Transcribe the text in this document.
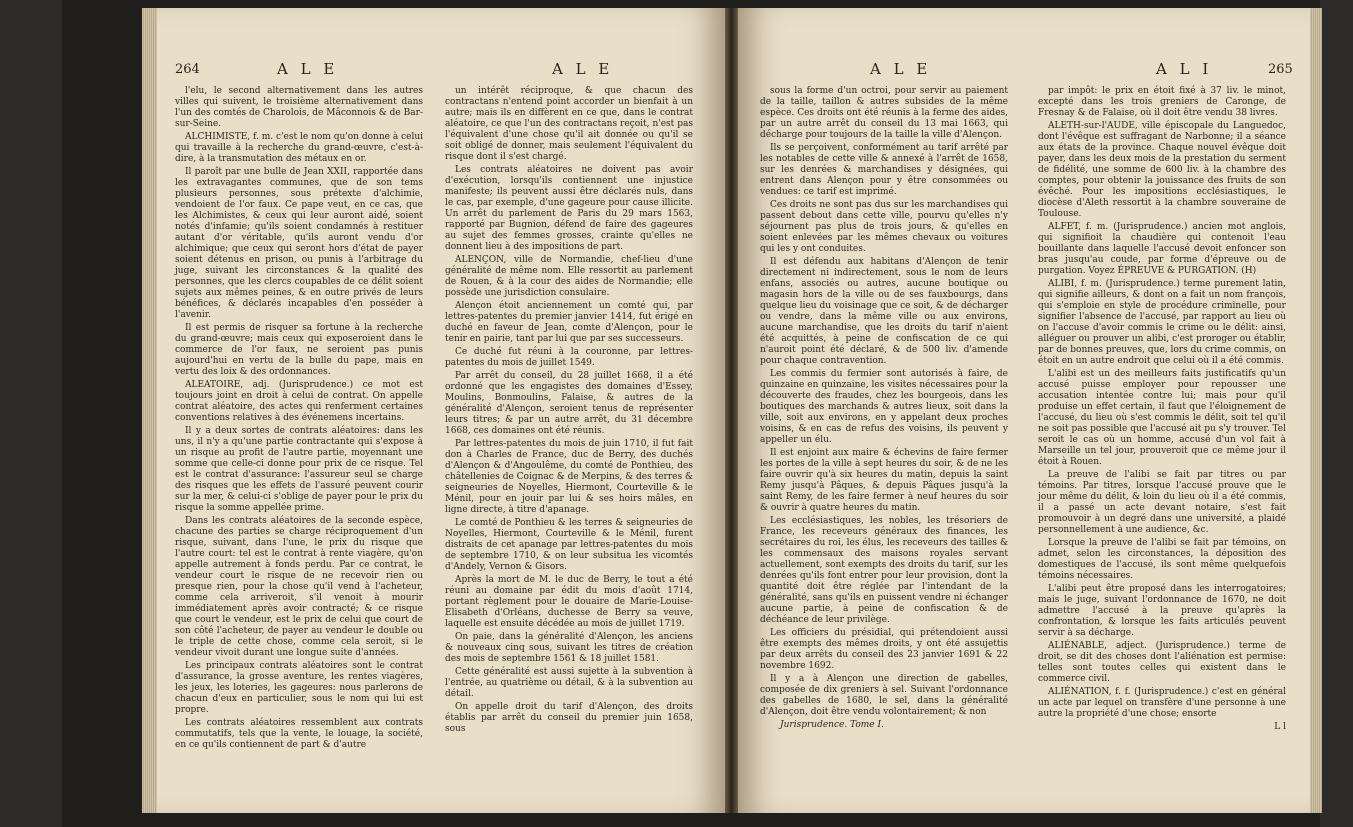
264	A L E	A L E

l'elu, le second alternativement dans les autres villes qui suivent, le troisième alternativement dans l'un des comtés de Charolois, de Mâconnois & de Bar-sur-Seine.

ALCHIMISTE, f. m. c'est le nom qu'on donne à celui qui travaille à la recherche du grand-œuvre, c'est-à-dire, à la transmutation des métaux en or.

Il paroît par une bulle de Jean XXII, rapportée dans les extravagantes communes, que de son tems plusieurs personnes, sous prétexte d'alchimie, vendoient de l'or faux. Ce pape veut, en ce cas, que les Alchimistes, & ceux qui leur auront aidé, soient notés d'infamie; qu'ils soient condamnés à restituer autant d'or véritable, qu'ils auront vendu d'or alchimique; que ceux qui seront hors d'état de payer soient détenus en prison, ou punis à l'arbitrage du juge, suivant les circonstances & la qualité des personnes, que les clercs coupables de ce délit soient sujets aux mêmes peines, & en outre privés de leurs bénéfices, & déclarés incapables d'en posséder à l'avenir.

Il est permis de risquer sa fortune à la recherche du grand-œuvre; mais ceux qui exposeroient dans le commerce de l'or faux, ne seroient pas punis aujourd'hui en vertu de la bulle du pape, mais en vertu des loix & des ordonnances.

ALEATOIRE, adj. (Jurisprudence.) ce mot est toujours joint en droit à celui de contrat. On appelle contrat aléatoire, des actes qui renferment certaines conventions relatives à des événemens incertains.

Il y a deux sortes de contrats aléatoires: dans les uns, il n'y a qu'une partie contractante qui s'expose à un risque au profit de l'autre partie, moyennant une somme que celle-ci donne pour prix de ce risque. Tel est le contrat d'assurance: l'assureur seul se charge des risques que les effets de l'assuré peuvent courir sur la mer, & celui-ci s'oblige de payer pour le prix du risque la somme appellée prime.

Dans les contrats aléatoires de la seconde espèce, chacune des parties se charge réciproquement d'un risque, suivant, dans l'une, le prix du risque que l'autre court: tel est le contrat à rente viagère, qu'on appelle autrement à fonds perdu. Par ce contrat, le vendeur court le risque de ne recevoir rien ou presque rien, pour la chose qu'il vend à l'acheteur, comme cela arriveroit, s'il venoit à mourir immédiatement après avoir contracté; & ce risque que court le vendeur, est le prix de celui que court de son côté l'acheteur, de payer au vendeur le double ou le triple de cette chose, comme cela seroit, si le vendeur vivoit durant une longue suite d'années.

Les principaux contrats aléatoires sont le contrat d'assurance, la grosse aventure, les rentes viagères, les jeux, les loteries, les gageures: nous parlerons de chacun d'eux en particulier, sous le nom qui lui est propre.

Les contrats aléatoires ressemblent aux contrats commutatifs, tels que la vente, le louage, la société, en ce qu'ils contiennent de part & d'autre

un intérêt réciproque, & que chacun des contractans n'entend point accorder un bienfait à un autre; mais ils en diffèrent en ce que, dans le contrat aléatoire, ce que l'un des contractans reçoit, n'est pas l'équivalent d'une chose qu'il ait donnée ou qu'il se soit obligé de donner, mais seulement l'équivalent du risque dont il s'est chargé.

Les contrats aléatoires ne doivent pas avoir d'exécution, lorsqu'ils contiennent une injustice manifeste; ils peuvent aussi être déclarés nuls, dans le cas, par exemple, d'une gageure pour cause illicite. Un arrêt du parlement de Paris du 29 mars 1563, rapporté par Bugnion, défend de faire des gageures au sujet des femmes grosses, crainte qu'elles ne donnent lieu à des impositions de part.

ALENÇON, ville de Normandie, chef-lieu d'une généralité de même nom. Elle ressortit au parlement de Rouen, & à la cour des aides de Normandie; elle possède une jurisdiction consulaire.

Alençon étoit anciennement un comté qui, par lettres-patentes du premier janvier 1414, fut érigé en duché en faveur de Jean, comte d'Alençon, pour le tenir en pairie, tant par lui que par ses successeurs.

Ce duché fut réuni à la couronne, par lettres-patentes du mois de juillet 1549.

Par arrêt du conseil, du 28 juillet 1668, il a été ordonné que les engagistes des domaines d'Essey, Moulins, Bonmoulins, Falaise, & autres de la généralité d'Alençon, seroient tenus de représenter leurs titres; & par un autre arrêt, du 31 décembre 1668, ces domaines ont été réunis.

Par lettres-patentes du mois de juin 1710, il fut fait don à Charles de France, duc de Berry, des duchés d'Alençon & d'Angoulême, du comté de Ponthieu, des châtellenies de Coignac & de Merpins, & des terres & seigneuries de Noyelles, Hiermont, Courteville & le Ménil, pour en jouir par lui & ses hoirs mâles, en ligne directe, à titre d'apanage.

Le comté de Ponthieu & les terres & seigneuries de Noyelles, Hiermont, Courteville & le Ménil, furent distraits de cet apanage par lettres-patentes du mois de septembre 1710, & on leur subsitua les vicomtés d'Andely, Vernon & Gisors.

Après la mort de M. le duc de Berry, le tout a été réuni au domaine par édit du mois d'août 1714, portant règlement pour le douaire de Marie-Louise-Elisabeth d'Orléans, duchesse de Berry sa veuve, laquelle est ensuite décédée au mois de juillet 1719.

On paie, dans la généralité d'Alençon, les anciens & nouveaux cinq sous, suivant les titres de création des mois de septembre 1561 & 18 juillet 1581.

Cette généralité est aussi sujette à la subvention à l'entrée, au quatrième ou détail, & à la subvention au détail.

On appelle droit du tarif d'Alençon, des droits établis par arrêt du conseil du premier juin 1658, sous

A L E	A L I	265

sous la forme d'un octroi, pour servir au paiement de la taille, taillon & autres subsides de la même espèce. Ces droits ont été réunis à la ferme des aides, par un autre arrêt du conseil du 13 mai 1663, qui décharge pour toujours de la taille la ville d'Alençon.

Ils se perçoivent, conformément au tarif arrêté par les notables de cette ville & annexé à l'arrêt de 1658, sur les denrées & marchandises y désignées, qui entrent dans Alençon pour y être consommées ou vendues: ce tarif est imprimé.

Ces droits ne sont pas dus sur les marchandises qui passent debout dans cette ville, pourvu qu'elles n'y séjournent pas plus de trois jours, & qu'elles en soient enlevées par les mêmes chevaux ou voitures qui les y ont conduites.

Il est défendu aux habitans d'Alençon de tenir directement ni indirectement, sous le nom de leurs enfans, associés ou autres, aucune boutique ou magasin hors de la ville ou de ses fauxbourgs, dans quelque lieu du voisinage que ce soit, & de décharger ou vendre, dans la même ville ou aux environs, aucune marchandise, que les droits du tarif n'aient été acquittés, à peine de confiscation de ce qui n'auroit point été déclaré, & de 500 liv. d'amende pour chaque contravention.

Les commis du fermier sont autorisés à faire, de quinzaine en quinzaine, les visites nécessaires pour la découverte des fraudes, chez les bourgeois, dans les boutiques des marchands & autres lieux, soit dans la ville, soit aux environs, en y appelant deux proches voisins, & en cas de refus des voisins, ils peuvent y appeller un élu.

Il est enjoint aux maire & échevins de faire fermer les portes de la ville à sept heures du soir, & de ne les faire ouvrir qu'à six heures du matin, depuis la saint Remy jusqu'à Pâques, & depuis Pâques jusqu'à la saint Remy, de les faire fermer à neuf heures du soir & ouvrir à quatre heures du matin.

Les ecclésiastiques, les nobles, les trésoriers de France, les receveurs généraux des finances, les secrétaires du roi, les élus, les receveurs des tailles & les commensaux des maisons royales servant actuellement, sont exempts des droits du tarif, sur les denrées qu'ils font entrer pour leur provision, dont la quantité doit être réglée par l'intendant de la généralité, sans qu'ils en puissent vendre ni échanger aucune partie, à peine de confiscation & de déchéance de leur privilège.

Les officiers du présidial, qui prétendoient aussi être exempts des mêmes droits, y ont été assujettis par deux arrêts du conseil des 23 janvier 1691 & 22 novembre 1692.

Il y a à Alençon une direction de gabelles, composée de dix greniers à sel. Suivant l'ordonnance des gabelles de 1680, le sel, dans la généralité d'Alençon, doit être vendu volontairement; & non

Jurisprudence. Tome I.

par impôt: le prix en étoit fixé à 37 liv. le minot, excepté dans les trois greniers de Caronge, de Fresnay & de Falaise, où il doit être vendu 38 livres.

ALETH-sur-l'AUDE, ville épiscopale du Languedoc, dont l'évêque est suffragant de Narbonne; il a séance aux états de la province. Chaque nouvel évêque doit payer, dans les deux mois de la prestation du serment de fidélité, une somme de 600 liv. à la chambre des comptes, pour obtenir la jouissance des fruits de son évêché. Pour les impositions ecclésiastiques, le diocèse d'Aleth ressortit à la chambre souveraine de Toulouse.

ALFET, f. m. (Jurisprudence.) ancien mot anglois, qui signifioit la chaudière qui contenoit l'eau bouillante dans laquelle l'accusé devoit enfoncer son bras jusqu'au coude, par forme d'épreuve ou de purgation. Voyez ÉPREUVE & PURGATION. (H)

ALIBI, f. m. (Jurisprudence.) terme purement latin, qui signifie ailleurs, & dont on a fait un nom françois, qui s'emploie en style de procédure criminelle, pour signifier l'absence de l'accusé, par rapport au lieu où on l'accuse d'avoir commis le crime ou le délit: ainsi, alléguer ou prouver un alibi, c'est proroger ou établir, par de bonnes preuves, que, lors du crime commis, on étoit en un autre endroit que celui où il a été commis.

L'alibi est un des meilleurs faits justificatifs qu'un accusé puisse employer pour repousser une accusation intentée contre lui; mais pour qu'il produise un effet certain, il faut que l'éloignement de l'accusé, du lieu où s'est commis le délit, soit tel qu'il ne soit pas possible que l'accusé ait pu s'y trouver. Tel seroit le cas où un homme, accusé d'un vol fait à Marseille un tel jour, prouveroit que ce même jour il étoit à Rouen.

La preuve de l'alibi se fait par titres ou par témoins. Par titres, lorsque l'accusé prouve que le jour même du délit, & loin du lieu où il a été commis, il a passé un acte devant notaire, s'est fait promouvoir à un degré dans une université, a plaidé personnellement à une audience, &c.

Lorsque la preuve de l'alibi se fait par témoins, on admet, selon les circonstances, la déposition des domestiques de l'accusé, ils sont même quelquefois témoins nécessaires.

L'alibi peut être proposé dans les interrogatoires; mais le juge, suivant l'ordonnance de 1670, ne doit admettre l'accusé à la preuve qu'après la confrontation, & lorsque les faits articulés peuvent servir à sa décharge.

ALIÉNABLE, adject. (Jurisprudence.) terme de droit, se dit des choses dont l'aliénation est permise: telles sont toutes celles qui existent dans le commerce civil.

ALIÉNATION, f. f. (Jurisprudence.) c'est en général un acte par lequel on transfère d'une personne à une autre la propriété d'une chose; ensorte

L l
